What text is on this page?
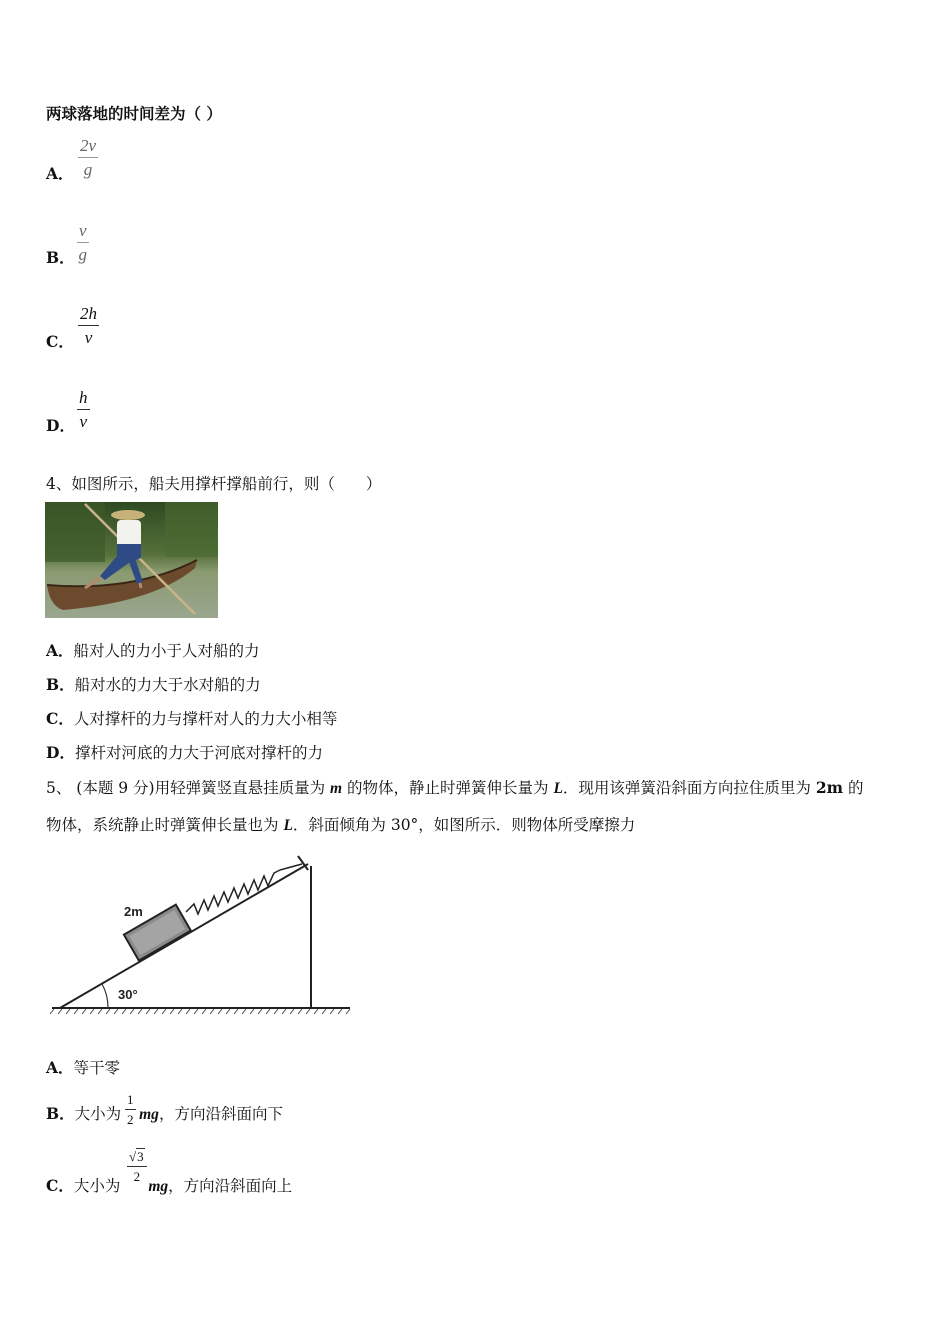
两球落地的时间差为（ ）
A． $\frac{2v}{g}$
B． $\frac{v}{g}$
C． $\frac{2h}{v}$
D． $\frac{h}{v}$
4、如图所示，船夫用撑杆撑船前行，则（　　）
A．船对人的力小于人对船的力
B．船对水的力大于水对船的力
C．人对撑杆的力与撑杆对人的力大小相等
D．撑杆对河底的力大于河底对撑杆的力
5、 (本题 9 分)用轻弹簧竖直悬挂质量为 m 的物体，静止时弹簧伸长量为 L．现用该弹簧沿斜面方向拉住质里为 2m 的
物体，系统静止时弹簧伸长量也为 L．斜面倾角为 30°，如图所示．则物体所受摩擦力
30°
2m
A．等干零
B．大小为 mg，方向沿斜面向下
$\frac{1}{2}$
C．大小为 mg，方向沿斜面向上
$\frac{√3}{2}$
